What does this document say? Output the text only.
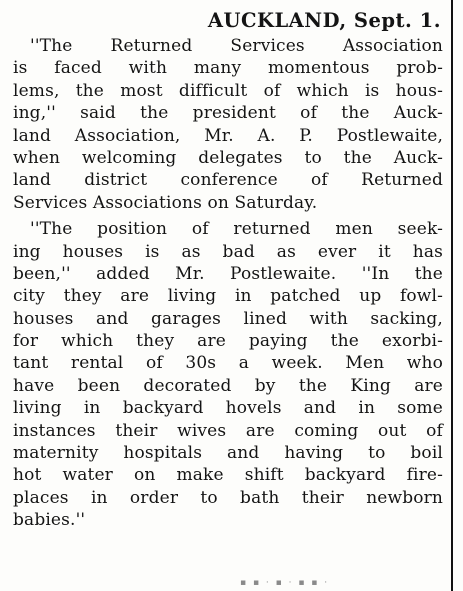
AUCKLAND, Sept. 1.
''The Returned Services Association
is faced with many momentous prob-
lems, the most difficult of which is hous-
ing,'' said the president of the Auck-
land Association, Mr. A. P. Postlewaite,
when welcoming delegates to the Auck-
land district conference of Returned
Services Associations on Saturday.
''The position of returned men seek-
ing houses is as bad as ever it has
been,'' added Mr. Postlewaite. ''In the
city they are living in patched up fowl-
houses and garages lined with sacking,
for which they are paying the exorbi-
tant rental of 30s a week. Men who
have been decorated by the King are
living in backyard hovels and in some
instances their wives are coming out of
maternity hospitals and having to boil
hot water on make shift backyard fire-
places in order to bath their newborn
babies.''
▪ ▪ · ▪ · ▪ ▪ ·
